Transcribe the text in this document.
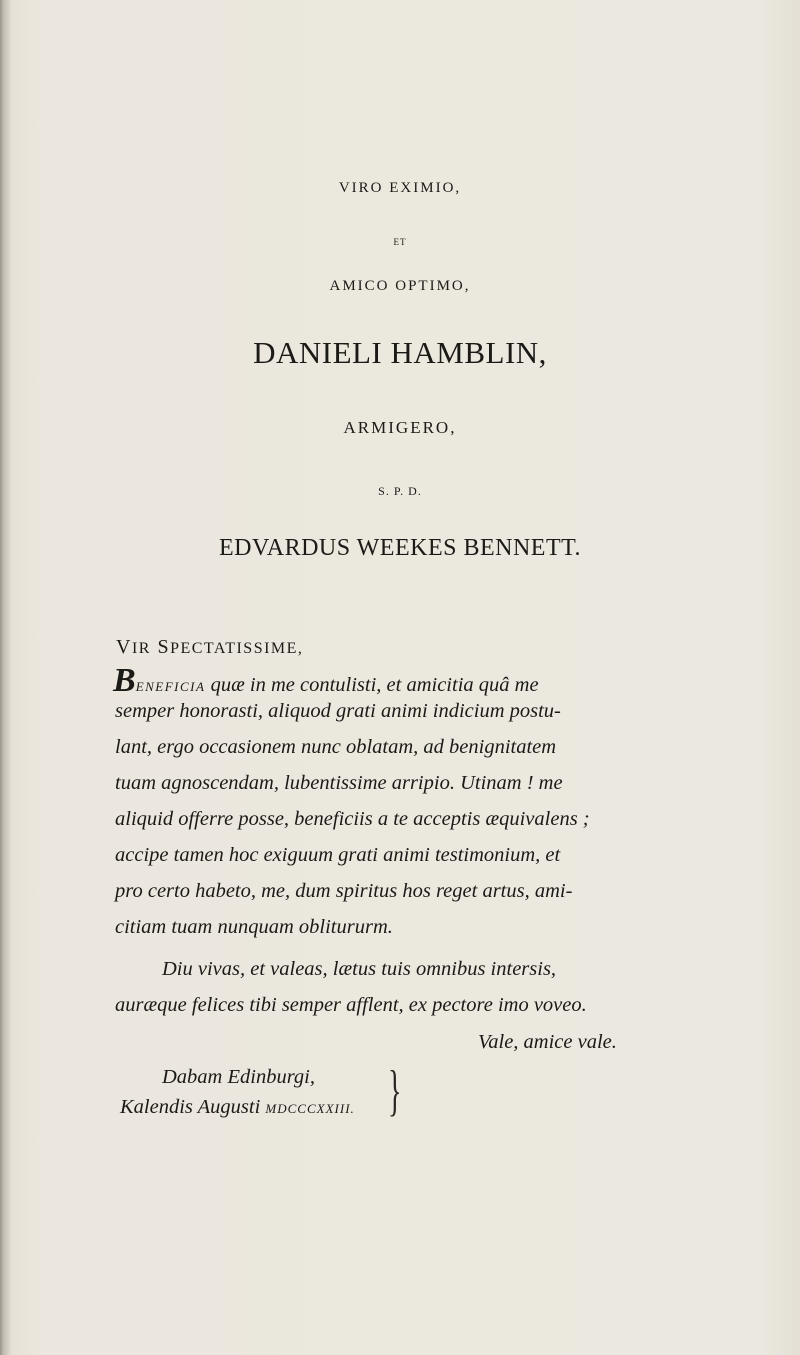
VIRO EXIMIO,
ET
AMICO OPTIMO,
DANIELI HAMBLIN,
ARMIGERO,
S. P. D.
EDVARDUS WEEKES BENNETT.
VIR SPECTATISSIME,
BENEFICIA quæ in me contulisti, et amicitia quâ me
semper honorasti, aliquod grati animi indicium postu-
lant, ergo occasionem nunc oblatam, ad benignitatem
tuam agnoscendam, lubentissime arripio. Utinam ! me
aliquid offerre posse, beneficiis a te acceptis æquivalens ;
accipe tamen hoc exiguum grati animi testimonium, et
pro certo habeto, me, dum spiritus hos reget artus, ami-
citiam tuam nunquam oblitururm.
Diu vivas, et valeas, lætus tuis omnibus intersis,
auræque felices tibi semper afflent, ex pectore imo voveo.
Vale, amice vale.
Dabam Edinburgi,
Kalendis Augusti MDCCCXXIII. }
